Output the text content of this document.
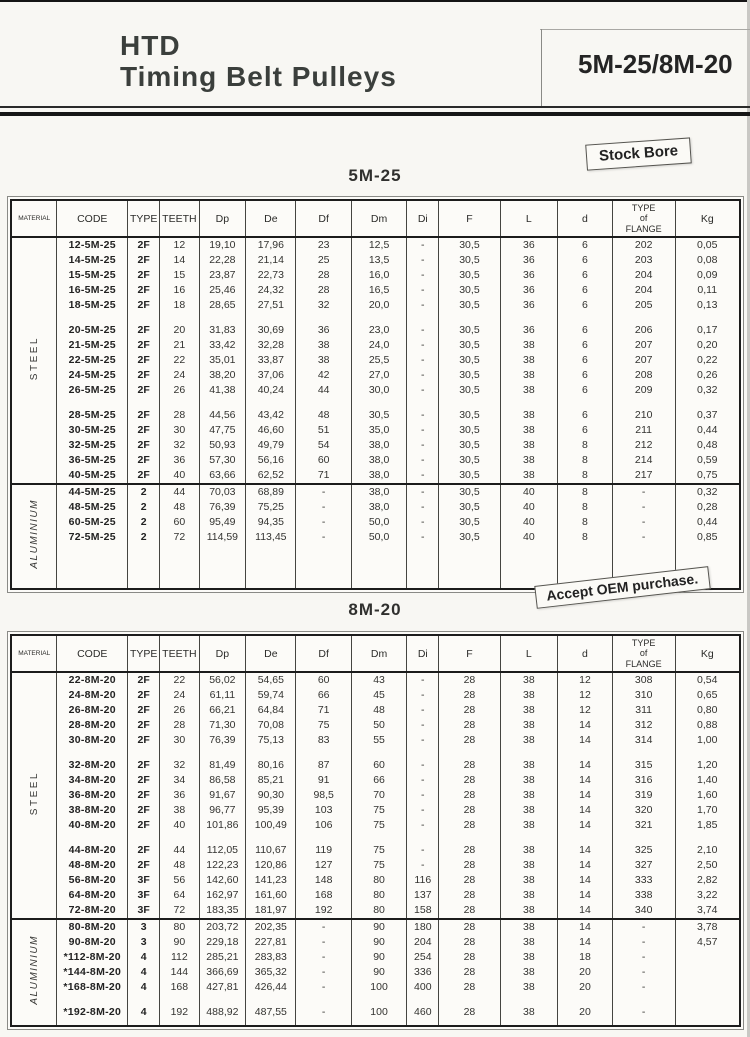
HTD
Timing Belt Pulleys	5M-25/8M-20
Stock Bore
Accept OEM purchase.
5M-25
8M-20
MATERIAL	CODE	TYPE	TEETH	Dp	De	Df	Dm	Di	F	L	d	TYPE
of
FLANGE	Kg
STEEL	12-5M-25	2F	12	19,10	17,96	23	12,5	-	30,5	36	6	202	0,05
	14-5M-25	2F	14	22,28	21,14	25	13,5	-	30,5	36	6	203	0,08
	15-5M-25	2F	15	23,87	22,73	28	16,0	-	30,5	36	6	204	0,09
	16-5M-25	2F	16	25,46	24,32	28	16,5	-	30,5	36	6	204	0,11
	18-5M-25	2F	18	28,65	27,51	32	20,0	-	30,5	36	6	205	0,13

	20-5M-25	2F	20	31,83	30,69	36	23,0	-	30,5	36	6	206	0,17
	21-5M-25	2F	21	33,42	32,28	38	24,0	-	30,5	38	6	207	0,20
	22-5M-25	2F	22	35,01	33,87	38	25,5	-	30,5	38	6	207	0,22
	24-5M-25	2F	24	38,20	37,06	42	27,0	-	30,5	38	6	208	0,26
	26-5M-25	2F	26	41,38	40,24	44	30,0	-	30,5	38	6	209	0,32

	28-5M-25	2F	28	44,56	43,42	48	30,5	-	30,5	38	6	210	0,37
	30-5M-25	2F	30	47,75	46,60	51	35,0	-	30,5	38	6	211	0,44
	32-5M-25	2F	32	50,93	49,79	54	38,0	-	30,5	38	8	212	0,48
	36-5M-25	2F	36	57,30	56,16	60	38,0	-	30,5	38	8	214	0,59
	40-5M-25	2F	40	63,66	62,52	71	38,0	-	30,5	38	8	217	0,75
ALUMINIUM	44-5M-25	2	44	70,03	68,89	-	38,0	-	30,5	40	8	-	0,32
	48-5M-25	2	48	76,39	75,25	-	38,0	-	30,5	40	8	-	0,28
	60-5M-25	2	60	95,49	94,35	-	50,0	-	30,5	40	8	-	0,44
	72-5M-25	2	72	114,59	113,45	-	50,0	-	30,5	40	8	-	0,85

MATERIAL	CODE	TYPE	TEETH	Dp	De	Df	Dm	Di	F	L	d	TYPE
of
FLANGE	Kg
STEEL	22-8M-20	2F	22	56,02	54,65	60	43	-	28	38	12	308	0,54
	24-8M-20	2F	24	61,11	59,74	66	45	-	28	38	12	310	0,65
	26-8M-20	2F	26	66,21	64,84	71	48	-	28	38	12	311	0,80
	28-8M-20	2F	28	71,30	70,08	75	50	-	28	38	14	312	0,88
	30-8M-20	2F	30	76,39	75,13	83	55	-	28	38	14	314	1,00

	32-8M-20	2F	32	81,49	80,16	87	60	-	28	38	14	315	1,20
	34-8M-20	2F	34	86,58	85,21	91	66	-	28	38	14	316	1,40
	36-8M-20	2F	36	91,67	90,30	98,5	70	-	28	38	14	319	1,60
	38-8M-20	2F	38	96,77	95,39	103	75	-	28	38	14	320	1,70
	40-8M-20	2F	40	101,86	100,49	106	75	-	28	38	14	321	1,85

	44-8M-20	2F	44	112,05	110,67	119	75	-	28	38	14	325	2,10
	48-8M-20	2F	48	122,23	120,86	127	75	-	28	38	14	327	2,50
	56-8M-20	3F	56	142,60	141,23	148	80	116	28	38	14	333	2,82
	64-8M-20	3F	64	162,97	161,60	168	80	137	28	38	14	338	3,22
	72-8M-20	3F	72	183,35	181,97	192	80	158	28	38	14	340	3,74
ALUMINIUM	80-8M-20	3	80	203,72	202,35	-	90	180	28	38	14	-	3,78
	90-8M-20	3	90	229,18	227,81	-	90	204	28	38	14	-	4,57
	*112-8M-20	4	112	285,21	283,83	-	90	254	28	38	18	-	
	*144-8M-20	4	144	366,69	365,32	-	90	336	28	38	20	-	
	*168-8M-20	4	168	427,81	426,44	-	100	400	28	38	20	-	

	*192-8M-20	4	192	488,92	487,55	-	100	460	28	38	20	-	
